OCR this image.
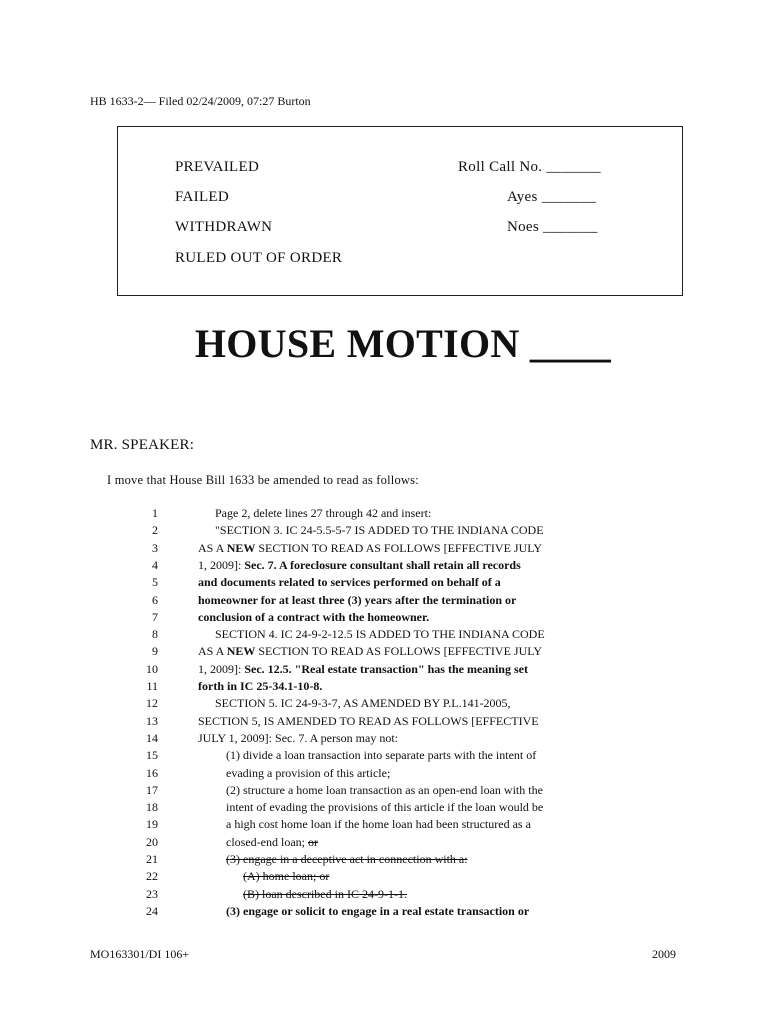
HB 1633-2— Filed 02/24/2009, 07:27 Burton
PREVAILED
FAILED
WITHDRAWN
RULED OUT OF ORDER
Roll Call No. _______
Ayes _______
Noes _______
HOUSE MOTION ____
MR. SPEAKER:
I move that House Bill 1633 be amended to read as follows:
1	Page 2, delete lines 27 through 42 and insert:
2	"SECTION 3. IC 24-5.5-5-7 IS ADDED TO THE INDIANA CODE
3	AS A NEW SECTION TO READ AS FOLLOWS [EFFECTIVE JULY
4	1, 2009]: Sec. 7. A foreclosure consultant shall retain all records
5	and documents related to services performed on behalf of a
6	homeowner for at least three (3) years after the termination or
7	conclusion of a contract with the homeowner.
8	SECTION 4. IC 24-9-2-12.5 IS ADDED TO THE INDIANA CODE
9	AS A NEW SECTION TO READ AS FOLLOWS [EFFECTIVE JULY
10	1, 2009]: Sec. 12.5. "Real estate transaction" has the meaning set
11	forth in IC 25-34.1-10-8.
12	SECTION 5. IC 24-9-3-7, AS AMENDED BY P.L.141-2005,
13	SECTION 5, IS AMENDED TO READ AS FOLLOWS [EFFECTIVE
14	JULY 1, 2009]: Sec. 7. A person may not:
15	(1) divide a loan transaction into separate parts with the intent of
16	evading a provision of this article;
17	(2) structure a home loan transaction as an open-end loan with the
18	intent of evading the provisions of this article if the loan would be
19	a high cost home loan if the home loan had been structured as a
20	closed-end loan; or
21	(3) engage in a deceptive act in connection with a:
22	(A) home loan; or
23	(B) loan described in IC 24-9-1-1.
24	(3) engage or solicit to engage in a real estate transaction or
MO163301/DI 106+	2009
